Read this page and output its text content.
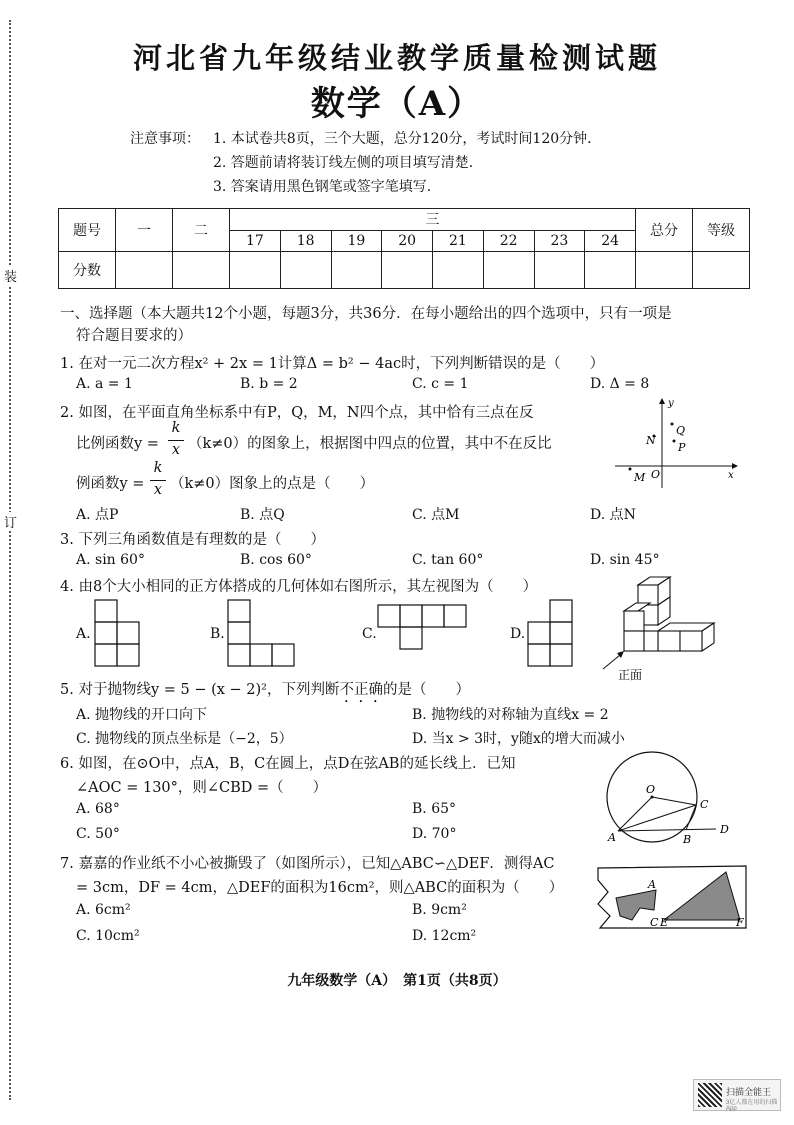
装
订
河北省九年级结业教学质量检测试题
数学（A）
注意事项： 1. 本试卷共8页，三个大题，总分120分，考试时间120分钟．
2. 答题前请将装订线左侧的项目填写清楚．
3. 答案请用黑色钢笔或签字笔填写．
题号	一	二	三								总分	等级
			17	18	19	20	21	22	23	24		
分数												
一、选择题（本大题共12个小题，每题3分，共36分．在每小题给出的四个选项中，只有一项是
符合题目要求的）
1. 在对一元二次方程x² + 2x = 1计算Δ = b² − 4ac时，下列判断错误的是（　　）
A. a = 1	B. b = 2	C. c = 1	D. Δ = 8
2. 如图，在平面直角坐标系中有P，Q，M，N四个点，其中恰有三点在反
比例函数y =
k
x （k≠0）的图象上，根据图中四点的位置，其中不在反比
例函数y =
k
x （k≠0）图象上的点是（　　）
A. 点P	B. 点Q	C. 点M	D. 点N
y
x
O
Q
P
N
M
3. 下列三角函数值是有理数的是（　　）
A. sin 60°	B. cos 60°	C. tan 60°	D. sin 45°
4. 由8个大小相同的正方体搭成的几何体如右图所示，其左视图为（　　）
A.	B.	C.	D.
正面
5. 对于抛物线y = 5 − (x − 2)²，下列判断不正确的是（　　）
A. 抛物线的开口向下	B. 抛物线的对称轴为直线x = 2
C. 抛物线的顶点坐标是（−2，5）	D. 当x > 3时，y随x的增大而减小
6. 如图，在⊙O中，点A，B，C在圆上，点D在弦AB的延长线上．已知
∠AOC = 130°，则∠CBD =（　　）
A. 68°	B. 65°
C. 50°	D. 70°
O
A	B
C
D
7. 嘉嘉的作业纸不小心被撕毁了（如图所示），已知△ABC∽△DEF．测得AC
= 3cm，DF = 4cm，△DEF的面积为16cm²，则△ABC的面积为（　　）
A. 6cm²	B. 9cm²
C. 10cm²	D. 12cm²
A
C E	F
九年级数学（A）　第1页（共8页）
扫描全能王
3亿人都在用的扫描App
